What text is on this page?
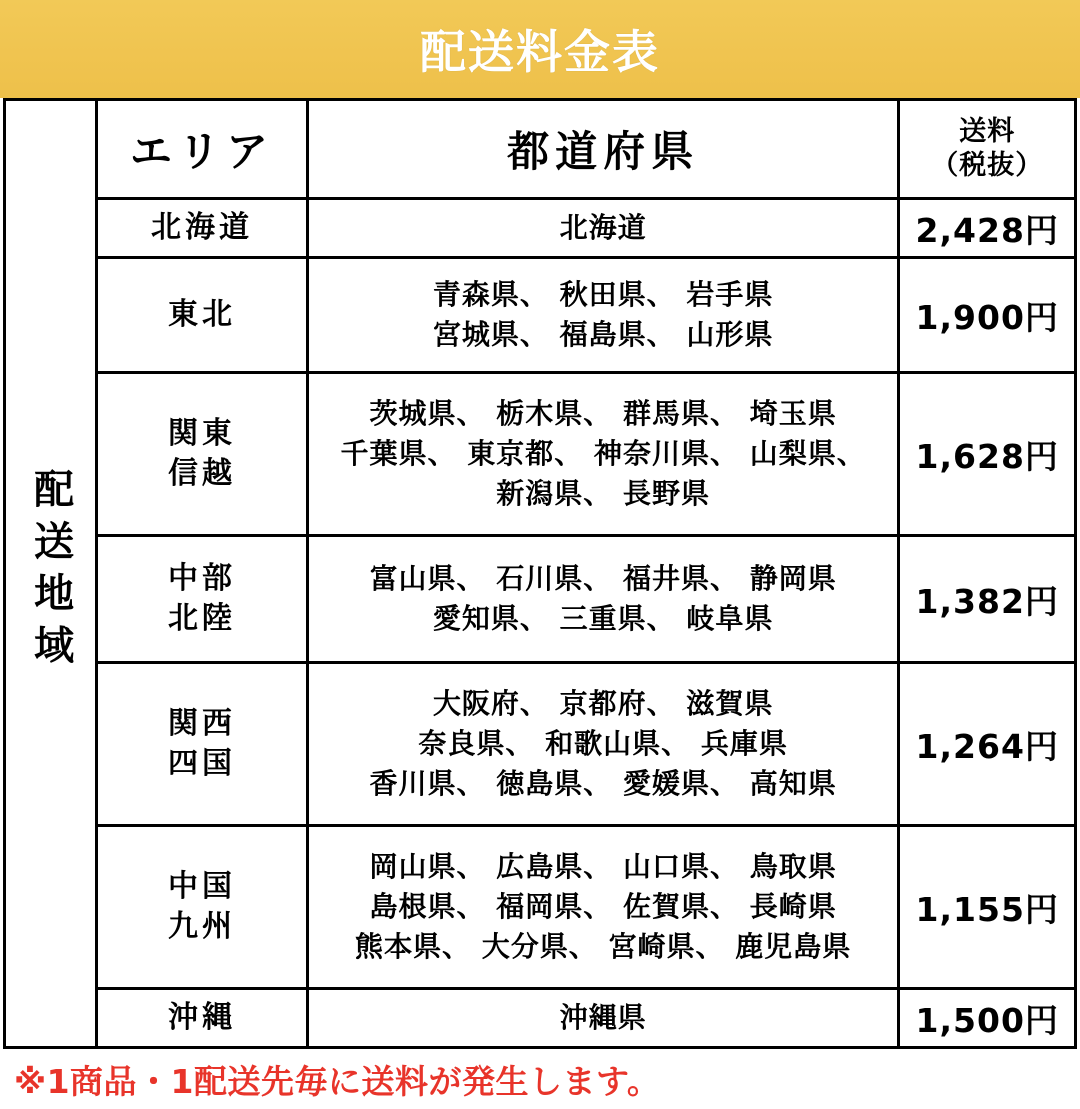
配送料金表
配送地域	エリア	都道府県	送料
（税抜）

	北海道	北海道	2,428円

	東北	青森県、 秋田県、 岩手県
宮城県、 福島県、 山形県	1,900円

	関東
信越	茨城県、 栃木県、 群馬県、 埼玉県
千葉県、 東京都、 神奈川県、 山梨県、
新潟県、 長野県	1,628円

	中部
北陸	富山県、 石川県、 福井県、 静岡県
愛知県、 三重県、 岐阜県	1,382円

	関西
四国	大阪府、 京都府、 滋賀県
奈良県、 和歌山県、 兵庫県
香川県、 徳島県、 愛媛県、 高知県	1,264円

	中国
九州	岡山県、 広島県、 山口県、 鳥取県
島根県、 福岡県、 佐賀県、 長崎県
熊本県、 大分県、 宮崎県、 鹿児島県	1,155円

	沖縄	沖縄県	1,500円
※1商品・1配送先毎に送料が発生します。
